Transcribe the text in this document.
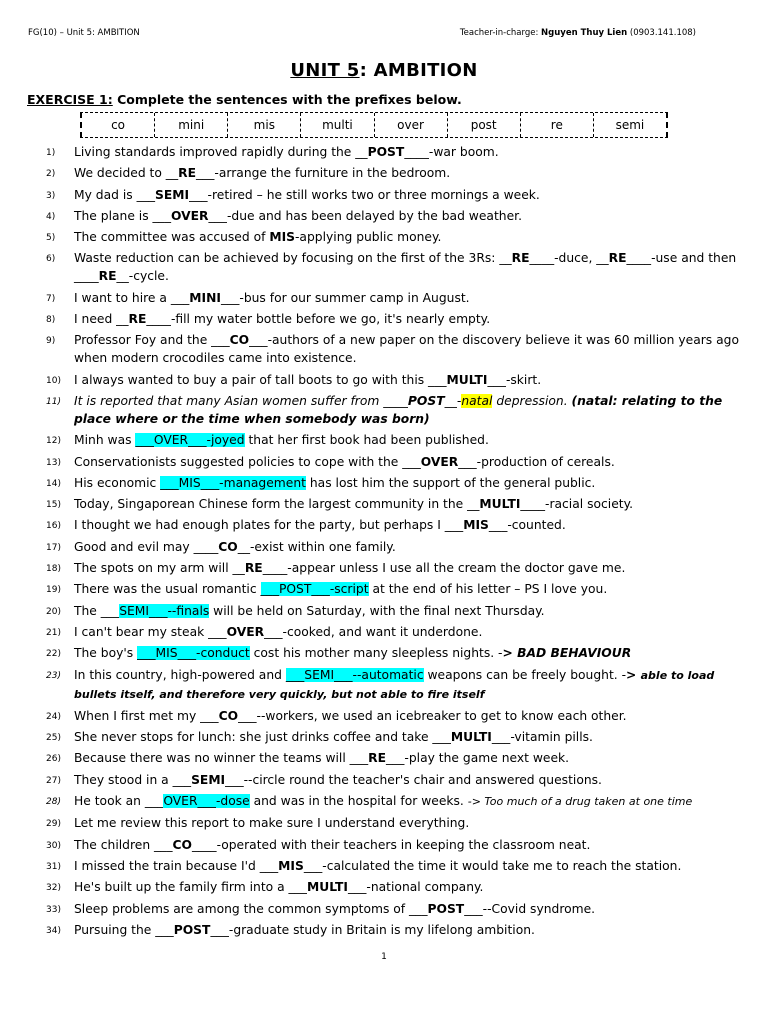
FG(10) – Unit 5: AMBITION	Teacher-in-charge: Nguyen Thuy Lien (0903.141.108)
UNIT 5: AMBITION
EXERCISE 1: Complete the sentences with the prefixes below.
co	mini	mis	multi	over	post	re	semi
1)	Living standards improved rapidly during the __POST____-war boom.
2)	We decided to __RE___-arrange the furniture in the bedroom.
3)	My dad is ___SEMI___-retired – he still works two or three mornings a week.
4)	The plane is ___OVER___-due and has been delayed by the bad weather.
5)	The committee was accused of MIS-applying public money.
6)	Waste reduction can be achieved by focusing on the first of the 3Rs: __RE____-duce, __RE____-use and then ____RE__-cycle.
7)	I want to hire a ___MINI___-bus for our summer camp in August.
8)	I need __RE____-fill my water bottle before we go, it's nearly empty.
9)	Professor Foy and the ___CO___-authors of a new paper on the discovery believe it was 60 million years ago when modern crocodiles came into existence.
10)	I always wanted to buy a pair of tall boots to go with this ___MULTI___-skirt.
11)	It is reported that many Asian women suffer from ____POST__-natal depression. (natal: relating to the place where or the time when somebody was born)
12)	Minh was ___OVER___-joyed that her first book had been published.
13)	Conservationists suggested policies to cope with the ___OVER___-production of cereals.
14)	His economic ___MIS___-management has lost him the support of the general public.
15)	Today, Singaporean Chinese form the largest community in the __MULTI____-racial society.
16)	I thought we had enough plates for the party, but perhaps I ___MIS___-counted.
17)	Good and evil may ____CO__-exist within one family.
18)	The spots on my arm will __RE____-appear unless I use all the cream the doctor gave me.
19)	There was the usual romantic ___POST___-script at the end of his letter – PS I love you.
20)	The ___SEMI___--finals will be held on Saturday, with the final next Thursday.
21)	I can't bear my steak ___OVER___-cooked, and want it underdone.
22)	The boy's ___MIS___-conduct cost his mother many sleepless nights. -> BAD BEHAVIOUR
23)	In this country, high-powered and ___SEMI___--automatic weapons can be freely bought. -> able to load bullets itself, and therefore very quickly, but not able to fire itself
24)	When I first met my ___CO___--workers, we used an icebreaker to get to know each other.
25)	She never stops for lunch: she just drinks coffee and take ___MULTI___-vitamin pills.
26)	Because there was no winner the teams will ___RE___-play the game next week.
27)	They stood in a ___SEMI___--circle round the teacher's chair and answered questions.
28)	He took an ___OVER___-dose and was in the hospital for weeks. -> Too much of a drug taken at one time
29)	Let me review this report to make sure I understand everything.
30)	The children ___CO____-operated with their teachers in keeping the classroom neat.
31)	I missed the train because I'd ___MIS___-calculated the time it would take me to reach the station.
32)	He's built up the family firm into a ___MULTI___-national company.
33)	Sleep problems are among the common symptoms of ___POST___--Covid syndrome.
34)	Pursuing the ___POST___-graduate study in Britain is my lifelong ambition.
1
